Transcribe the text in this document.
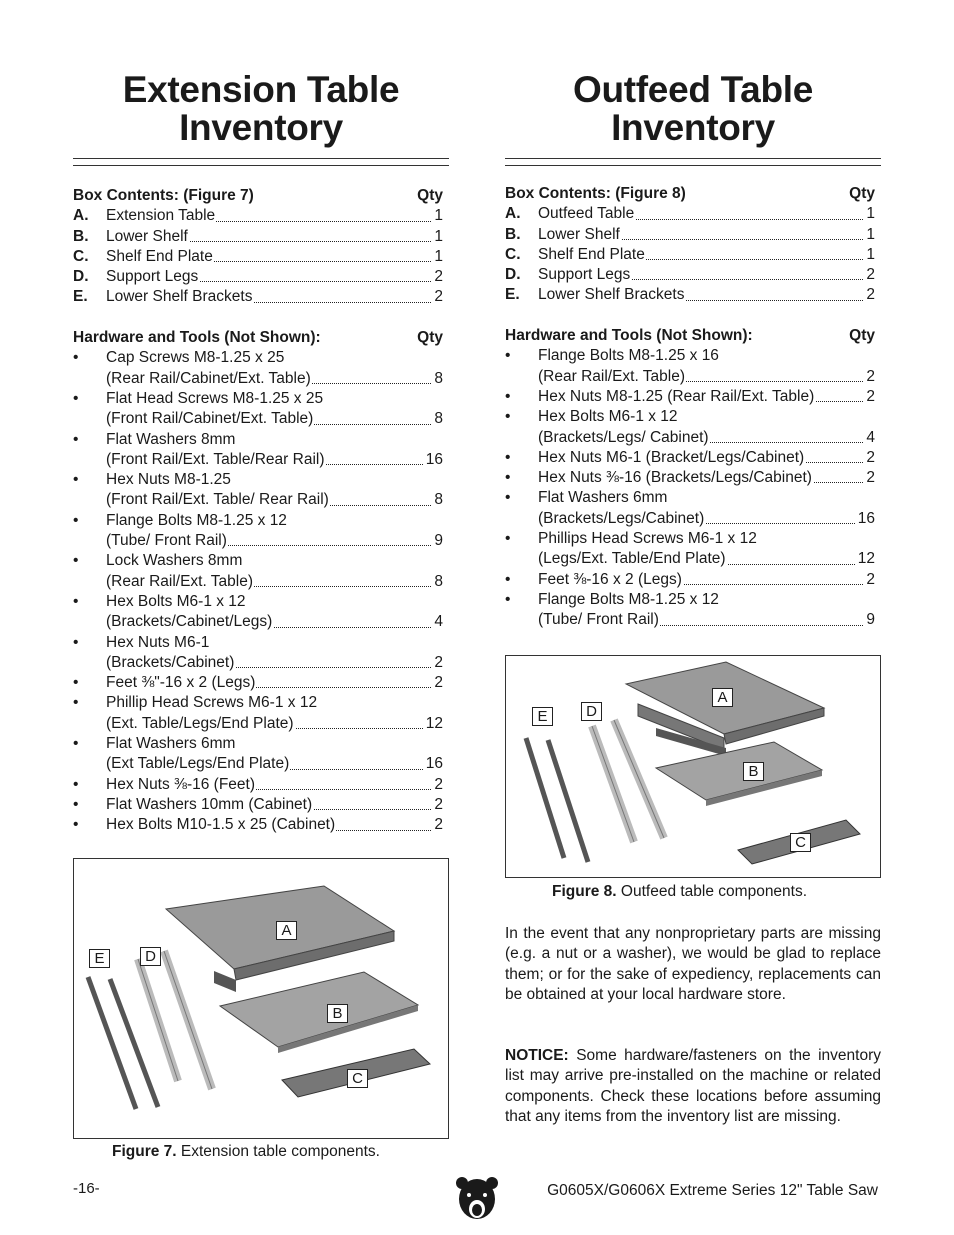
Extension Table
Inventory
Box Contents: (Figure 7)	Qty
A. Extension Table	1
B. Lower Shelf	1
C. Shelf End Plate	1
D. Support Legs	2
E. Lower Shelf Brackets	2
Hardware and Tools (Not Shown):	Qty
• Cap Screws M8-1.25 x 25
(Rear Rail/Cabinet/Ext. Table)	8
• Flat Head Screws M8-1.25 x 25
(Front Rail/Cabinet/Ext. Table)	8
• Flat Washers 8mm
(Front Rail/Ext. Table/Rear Rail)	16
• Hex Nuts M8-1.25
(Front Rail/Ext. Table/ Rear Rail)	8
• Flange Bolts M8-1.25 x 12
(Tube/ Front Rail)	9
• Lock Washers 8mm
(Rear Rail/Ext. Table)	8
• Hex Bolts M6-1 x 12
(Brackets/Cabinet/Legs)	4
• Hex Nuts M6-1
(Brackets/Cabinet)	2
• Feet ⅜"-16 x 2 (Legs)	2
• Phillip Head Screws M6-1 x 12
(Ext. Table/Legs/End Plate)	12
• Flat Washers 6mm
(Ext Table/Legs/End Plate)	16
• Hex Nuts ⅜-16 (Feet)	2
• Flat Washers 10mm (Cabinet)	2
• Hex Bolts M10-1.5 x 25 (Cabinet)	2
A
B
C
D
E
Figure 7. Extension table components.
Outfeed Table
Inventory
Box Contents: (Figure 8)	Qty
A. Outfeed Table	1
B. Lower Shelf	1
C. Shelf End Plate	1
D. Support Legs	2
E. Lower Shelf Brackets	2
Hardware and Tools (Not Shown):	Qty
• Flange Bolts M8-1.25 x 16
(Rear Rail/Ext. Table)	2
• Hex Nuts M8-1.25 (Rear Rail/Ext. Table)	2
• Hex Bolts M6-1 x 12
(Brackets/Legs/ Cabinet)	4
• Hex Nuts M6-1 (Bracket/Legs/Cabinet)	2
• Hex Nuts ⅜-16 (Brackets/Legs/Cabinet)	2
• Flat Washers 6mm
(Brackets/Legs/Cabinet)	16
• Phillips Head Screws M6-1 x 12
(Legs/Ext. Table/End Plate)	12
• Feet ⅜-16 x 2 (Legs)	2
• Flange Bolts M8-1.25 x 12
(Tube/ Front Rail)	9
A
B
C
D
E
Figure 8. Outfeed table components.
In the event that any nonproprietary parts are missing (e.g. a nut or a washer), we would be glad to replace them; or for the sake of expediency, replacements can be obtained at your local hardware store.
NOTICE: Some hardware/fasteners on the inventory list may arrive pre-installed on the machine or related components. Check these locations before assuming that any items from the inventory list are missing.
-16-	G0605X/G0606X Extreme Series 12" Table Saw
